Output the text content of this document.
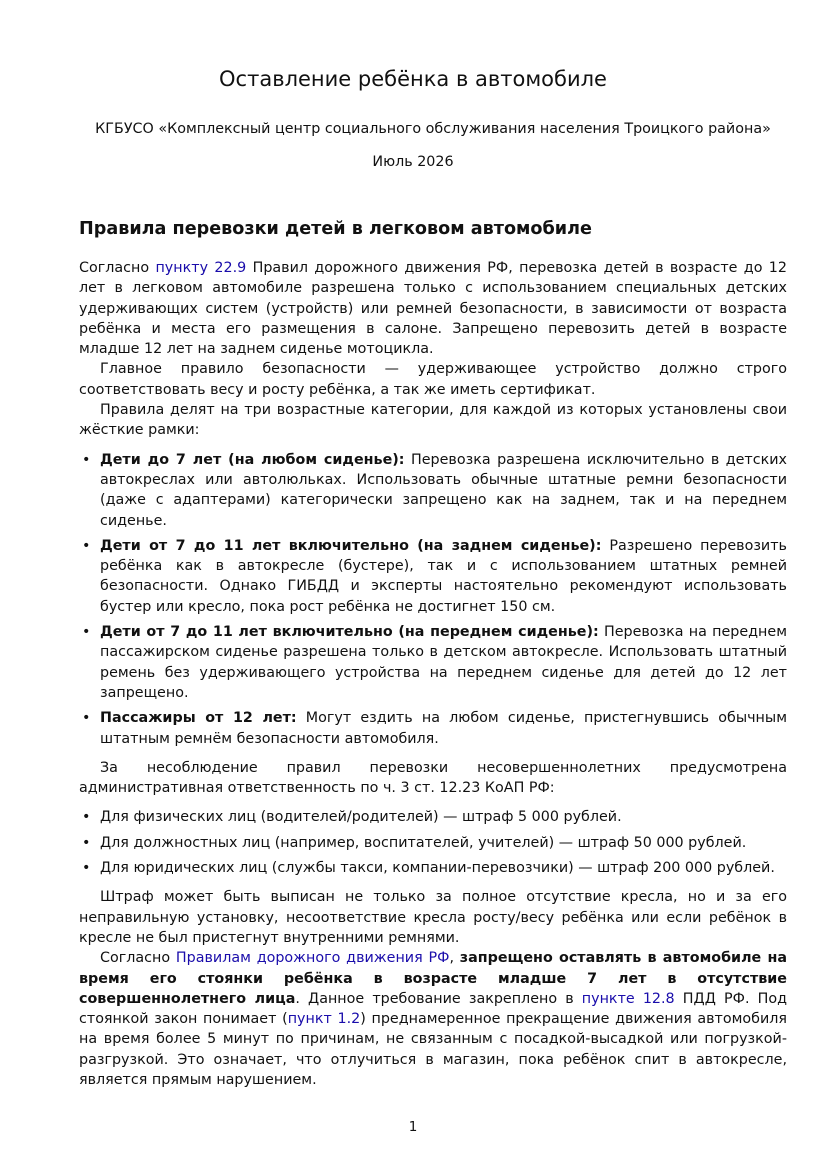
Оставление ребёнка в автомобиле

КГБУСО «Комплексный центр социального обслуживания населения Троицкого района»

Июль 2026

Правила перевозки детей в легковом автомобиле

Согласно пункту 22.9 Правил дорожного движения РФ, перевозка детей в возрасте до 12 лет в легковом автомобиле разрешена только с использованием специальных детских удерживающих систем (устройств) или ремней безопасности, в зависимости от возраста ребёнка и места его размещения в салоне. Запрещено перевозить детей в возрасте младше 12 лет на заднем сиденье мотоцикла.

Главное правило безопасности — удерживающее устройство должно строго соответствовать весу и росту ребёнка, а так же иметь сертификат.

Правила делят на три возрастные категории, для каждой из которых установлены свои жёсткие рамки:

• Дети до 7 лет (на любом сиденье): Перевозка разрешена исключительно в детских автокреслах или автолюльках. Использовать обычные штатные ремни безопасности (даже с адаптерами) категорически запрещено как на заднем, так и на переднем сиденье.
• Дети от 7 до 11 лет включительно (на заднем сиденье): Разрешено перевозить ребёнка как в автокресле (бустере), так и с использованием штатных ремней безопасности. Однако ГИБДД и эксперты настоятельно рекомендуют использовать бустер или кресло, пока рост ребёнка не достигнет 150 см.
• Дети от 7 до 11 лет включительно (на переднем сиденье): Перевозка на переднем пассажирском сиденье разрешена только в детском автокресле. Использовать штатный ремень без удерживающего устройства на переднем сиденье для детей до 12 лет запрещено.
• Пассажиры от 12 лет: Могут ездить на любом сиденье, пристегнувшись обычным штатным ремнём безопасности автомобиля.

За несоблюдение правил перевозки несовершеннолетних предусмотрена административная ответственность по ч. 3 ст. 12.23 КоАП РФ:

• Для физических лиц (водителей/родителей) — штраф 5 000 рублей.
• Для должностных лиц (например, воспитателей, учителей) — штраф 50 000 рублей.
• Для юридических лиц (службы такси, компании-перевозчики) — штраф 200 000 рублей.

Штраф может быть выписан не только за полное отсутствие кресла, но и за его неправильную установку, несоответствие кресла росту/весу ребёнка или если ребёнок в кресле не был пристегнут внутренними ремнями.

Согласно Правилам дорожного движения РФ, запрещено оставлять в автомобиле на время его стоянки ребёнка в возрасте младше 7 лет в отсутствие совершеннолетнего лица. Данное требование закреплено в пункте 12.8 ПДД РФ. Под стоянкой закон понимает (пункт 1.2) преднамеренное прекращение движения автомобиля на время более 5 минут по причинам, не связанным с посадкой-высадкой или погрузкой-разгрузкой. Это означает, что отлучиться в магазин, пока ребёнок спит в автокресле, является прямым нарушением.

1
